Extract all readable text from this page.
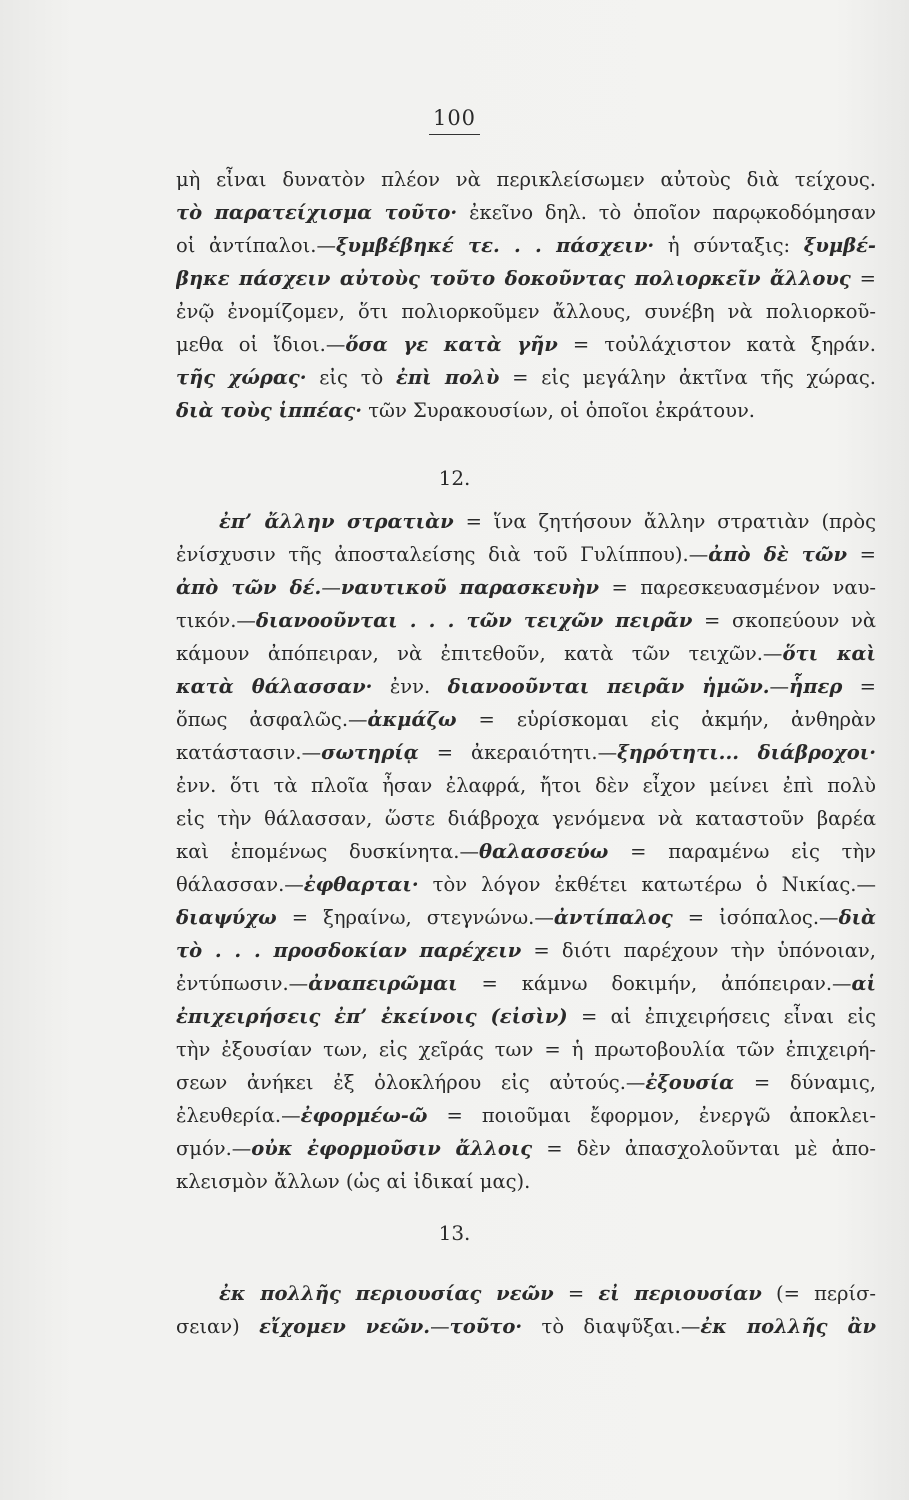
100
μὴ εἶναι δυνατὸν πλέον νὰ περικλείσωμεν αὐτοὺς διὰ τείχους.
τὸ παρατείχισμα τοῦτο· ἐκεῖνο δηλ. τὸ ὁποῖον παρῳκοδόμησαν
οἱ ἀντίπαλοι.—ξυμβέβηκέ τε. . . πάσχειν· ἡ σύνταξις: ξυμβέ-
βηκε πάσχειν αὐτοὺς τοῦτο δοκοῦντας πολιορκεῖν ἄλλους =
ἐνῷ ἐνομίζομεν, ὅτι πολιορκοῦμεν ἄλλους, συνέβη νὰ πολιορκοῦ-
μεθα οἱ ἴδιοι.—ὅσα γε κατὰ γῆν = τοὐλάχιστον κατὰ ξηράν.
τῆς χώρας· εἰς τὸ ἐπὶ πολὺ = εἰς μεγάλην ἀκτῖνα τῆς χώρας.
διὰ τοὺς ἱππέας· τῶν Συρακουσίων, οἱ ὁποῖοι ἐκράτουν.
12.
ἐπ’ ἄλλην στρατιὰν = ἵνα ζητήσουν ἄλλην στρατιὰν (πρὸς
ἐνίσχυσιν τῆς ἀποσταλείσης διὰ τοῦ Γυλίππου).—ἀπὸ δὲ τῶν =
ἀπὸ τῶν δέ.—ναυτικοῦ παρασκευὴν = παρεσκευασμένον ναυ-
τικόν.—διανοοῦνται . . . τῶν τειχῶν πειρᾶν = σκοπεύουν νὰ
κάμουν ἀπόπειραν, νὰ ἐπιτεθοῦν, κατὰ τῶν τειχῶν.—ὅτι καὶ
κατὰ θάλασσαν· ἐνν. διανοοῦνται πειρᾶν ἡμῶν.—ἧπερ =
ὅπως ἀσφαλῶς.—ἀκμάζω = εὑρίσκομαι εἰς ἀκμήν, ἀνθηρὰν
κατάστασιν.—σωτηρίᾳ = ἀκεραιότητι.—ξηρότητι... διάβροχοι·
ἐνν. ὅτι τὰ πλοῖα ἦσαν ἐλαφρά, ἤτοι δὲν εἶχον μείνει ἐπὶ πολὺ
εἰς τὴν θάλασσαν, ὥστε διάβροχα γενόμενα νὰ καταστοῦν βαρέα
καὶ ἑπομένως δυσκίνητα.—θαλασσεύω = παραμένω εἰς τὴν
θάλασσαν.—ἐφθαρται· τὸν λόγον ἐκθέτει κατωτέρω ὁ Νικίας.—
διαψύχω = ξηραίνω, στεγνώνω.—ἀντίπαλος = ἰσόπαλος.—διὰ
τὸ . . . προσδοκίαν παρέχειν = διότι παρέχουν τὴν ὑπόνοιαν,
ἐντύπωσιν.—ἀναπειρῶμαι = κάμνω δοκιμήν, ἀπόπειραν.—αἱ
ἐπιχειρήσεις ἐπ’ ἐκείνοις (εἰσὶν) = αἱ ἐπιχειρήσεις εἶναι εἰς
τὴν ἐξουσίαν των, εἰς χεῖράς των = ἡ πρωτοβουλία τῶν ἐπιχειρή-
σεων ἀνήκει ἐξ ὁλοκλήρου εἰς αὐτούς.—ἐξουσία = δύναμις,
ἐλευθερία.—ἐφορμέω-ῶ = ποιοῦμαι ἔφορμον, ἐνεργῶ ἀποκλει-
σμόν.—οὐκ ἐφορμοῦσιν ἄλλοις = δὲν ἀπασχολοῦνται μὲ ἀπο-
κλεισμὸν ἄλλων (ὡς αἱ ἰδικαί μας).
13.
ἐκ πολλῆς περιουσίας νεῶν = εἰ περιουσίαν (= περίσ-
σειαν) εἴχομεν νεῶν.—τοῦτο· τὸ διαψῦξαι.—ἐκ πολλῆς ἂν
